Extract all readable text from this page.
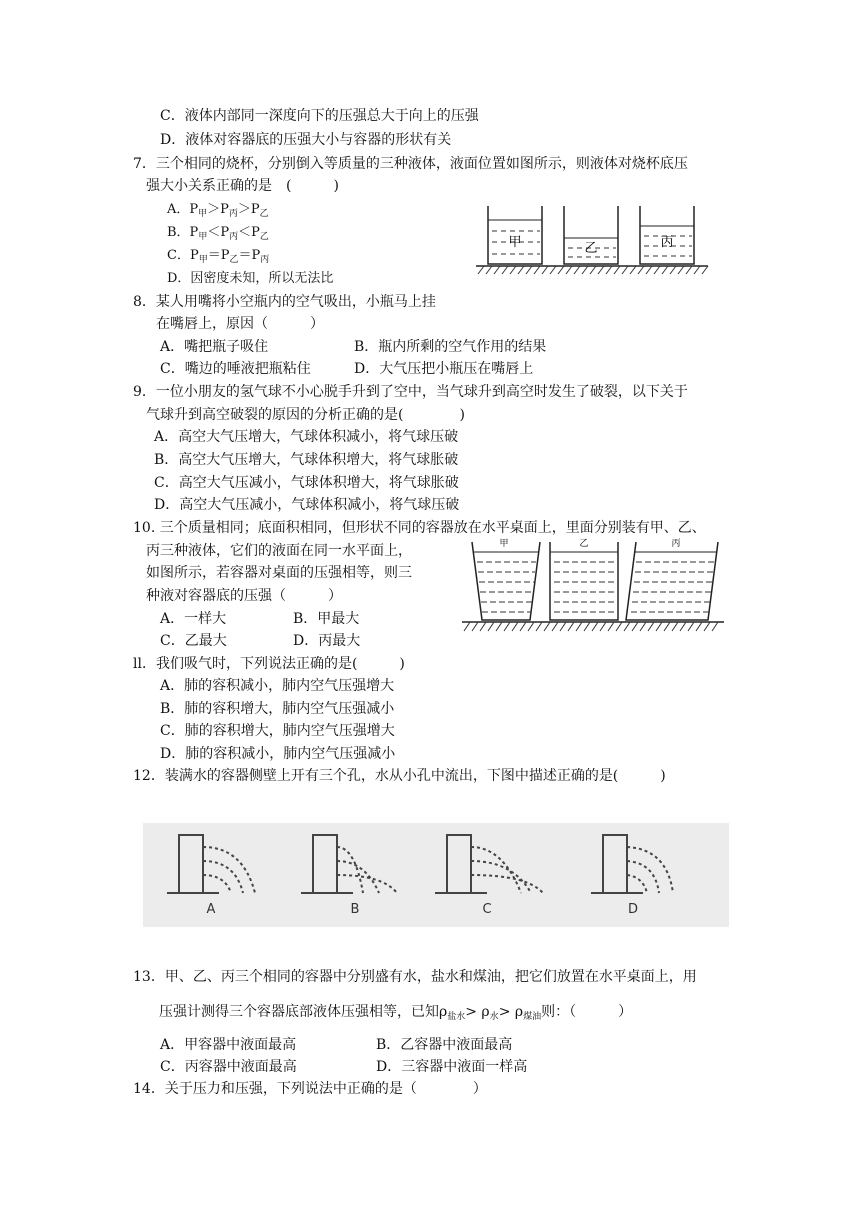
C．液体内部同一深度向下的压强总大于向上的压强
D．液体对容器底的压强大小与容器的形状有关
7．三个相同的烧杯，分别倒入等质量的三种液体，液面位置如图所示，则液体对烧杯底压
强大小关系正确的是　(　　　)
A．$P_甲>P_丙>P_乙$
B．$P_甲<P_丙<P_乙$
C．$P_甲=P_乙=P_丙$
D．因密度未知，所以无法比
甲	乙	丙
8．某人用嘴将小空瓶内的空气吸出，小瓶马上挂
在嘴唇上，原因（　　　）
A．嘴把瓶子吸住	B．瓶内所剩的空气作用的结果
C．嘴边的唾液把瓶粘住	D．大气压把小瓶压在嘴唇上
9．一位小朋友的氢气球不小心脱手升到了空中，当气球升到高空时发生了破裂，以下关于
气球升到高空破裂的原因的分析正确的是(　　　　)
A．高空大气压增大，气球体积减小，将气球压破
B．高空大气压增大，气球体积增大，将气球胀破
C．高空大气压减小，气球体积增大，将气球胀破
D．高空大气压减小，气球体积减小，将气球压破
10. 三个质量相同；底面积相同，但形状不同的容器放在水平桌面上，里面分别装有甲、乙、
丙三种液体，它们的液面在同一水平面上，
如图所示，若容器对桌面的压强相等，则三
种液对容器底的压强（　　　）
A．一样大	B．甲最大
C．乙最大	D．丙最大
甲	乙	丙
ll．我们吸气时，下列说法正确的是(　　　)
A．肺的容积减小，肺内空气压强增大
B．肺的容积增大，肺内空气压强减小
C．肺的容积增大，肺内空气压强增大
D．肺的容积减小，肺内空气压强减小
12．装满水的容器侧壁上开有三个孔，水从小孔中流出，下图中描述正确的是(　　　)
A	B	C	D
13．甲、乙、丙三个相同的容器中分别盛有水，盐水和煤油，把它们放置在水平桌面上，用
压强计测得三个容器底部液体压强相等，已知$\rho_{盐水}> \rho_水> \rho_{煤油}$则：（　　　）
A．甲容器中液面最高	B．乙容器中液面最高
C．丙容器中液面最高	D．三容器中液面一样高
14．关于压力和压强，下列说法中正确的是（　　　　）
